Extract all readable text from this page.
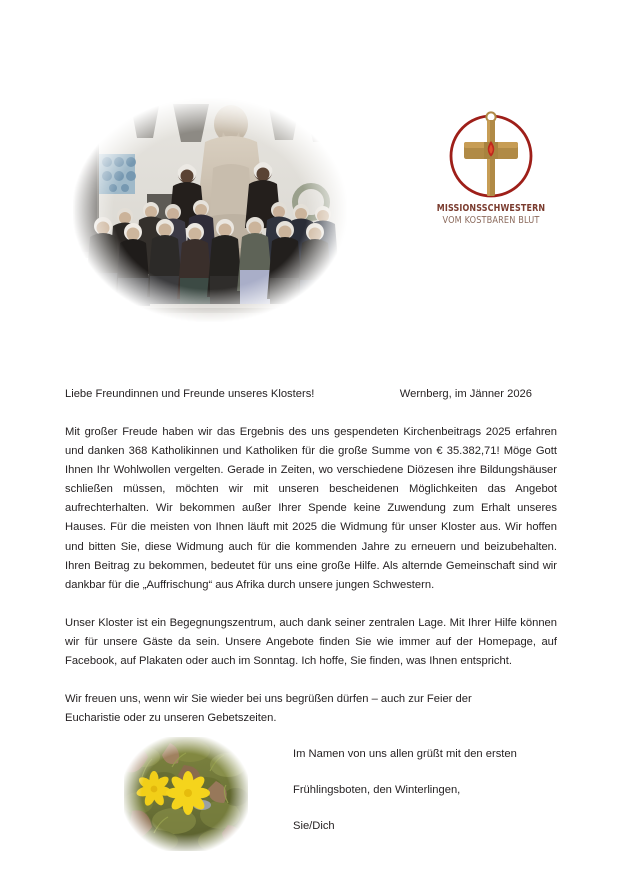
MISSIONSSCHWESTERN
VOM KOSTBAREN BLUT
Liebe Freundinnen und Freunde unseres Klosters!	Wernberg, im Jänner 2026

Mit großer Freude haben wir das Ergebnis des uns gespendeten Kirchenbeitrags 2025 erfahren und danken 368 Katholikinnen und Katholiken für die große Summe von € 35.382,71! Möge Gott Ihnen Ihr Wohlwollen vergelten. Gerade in Zeiten, wo verschiedene Diözesen ihre Bildungshäuser schließen müssen, möchten wir mit unseren bescheidenen Möglichkeiten das Angebot aufrechterhalten. Wir bekommen außer Ihrer Spende keine Zuwendung zum Erhalt unseres Hauses. Für die meisten von Ihnen läuft mit 2025 die Widmung für unser Kloster aus. Wir hoffen und bitten Sie, diese Widmung auch für die kommenden Jahre zu erneuern und beizubehalten. Ihren Beitrag zu bekommen, bedeutet für uns eine große Hilfe. Als alternde Gemeinschaft sind wir dankbar für die „Auffrischung“ aus Afrika durch unsere jungen Schwestern.

Unser Kloster ist ein Begegnungszentrum, auch dank seiner zentralen Lage. Mit Ihrer Hilfe können wir für unsere Gäste da sein. Unsere Angebote finden Sie wie immer auf der Homepage, auf Facebook, auf Plakaten oder auch im Sonntag. Ich hoffe, Sie finden, was Ihnen entspricht.

Wir freuen uns, wenn wir Sie wieder bei uns begrüßen dürfen – auch zur Feier der

Eucharistie oder zu unseren Gebetszeiten.

Im Namen von uns allen grüßt mit den ersten
Frühlingsboten, den Winterlingen,
Sie/Dich
